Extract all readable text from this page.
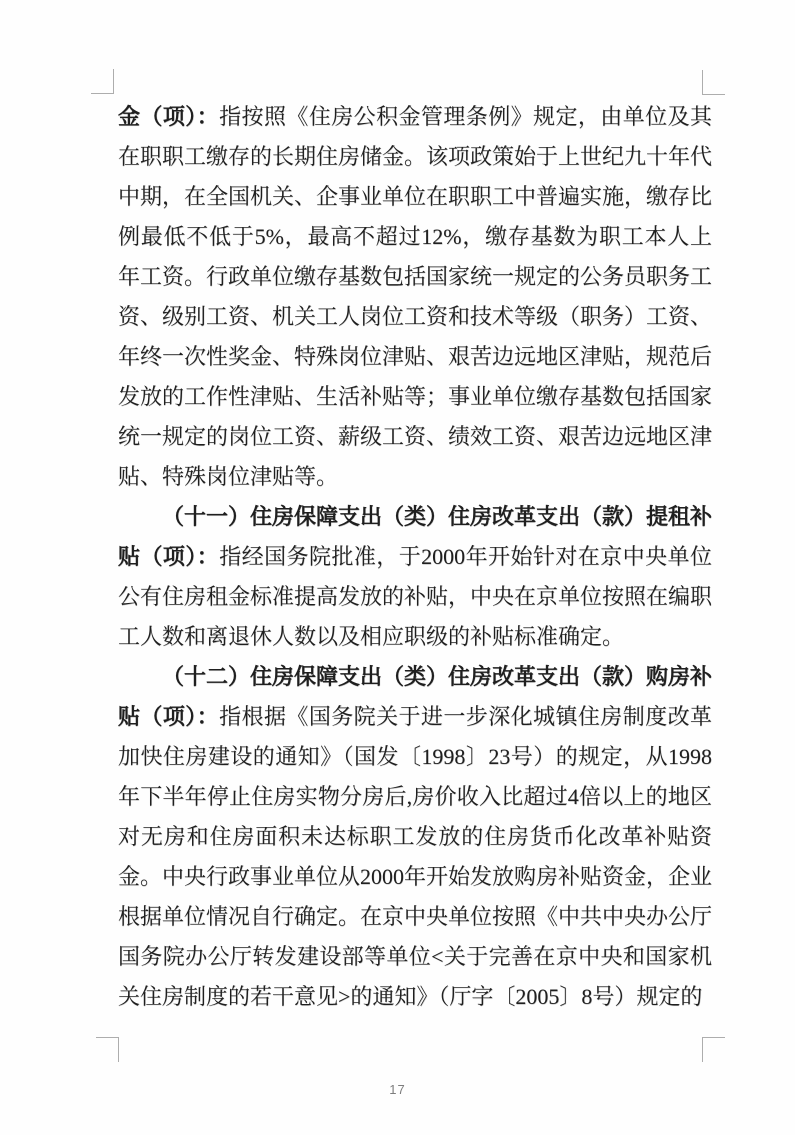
金（项）：指按照《住房公积金管理条例》规定，由单位及其在职职工缴存的长期住房储金。该项政策始于上世纪九十年代中期，在全国机关、企事业单位在职职工中普遍实施，缴存比例最低不低于5%，最高不超过12%，缴存基数为职工本人上年工资。行政单位缴存基数包括国家统一规定的公务员职务工资、级别工资、机关工人岗位工资和技术等级（职务）工资、年终一次性奖金、特殊岗位津贴、艰苦边远地区津贴，规范后发放的工作性津贴、生活补贴等；事业单位缴存基数包括国家统一规定的岗位工资、薪级工资、绩效工资、艰苦边远地区津贴、特殊岗位津贴等。

（十一）住房保障支出（类）住房改革支出（款）提租补贴（项）：指经国务院批准，于2000年开始针对在京中央单位公有住房租金标准提高发放的补贴，中央在京单位按照在编职工人数和离退休人数以及相应职级的补贴标准确定。

（十二）住房保障支出（类）住房改革支出（款）购房补贴（项）：指根据《国务院关于进一步深化城镇住房制度改革加快住房建设的通知》（国发〔1998〕23号）的规定，从1998年下半年停止住房实物分房后,房价收入比超过4倍以上的地区对无房和住房面积未达标职工发放的住房货币化改革补贴资金。中央行政事业单位从2000年开始发放购房补贴资金，企业根据单位情况自行确定。在京中央单位按照《中共中央办公厅国务院办公厅转发建设部等单位<关于完善在京中央和国家机关住房制度的若干意见>的通知》（厅字〔2005〕8号）规定的

17
